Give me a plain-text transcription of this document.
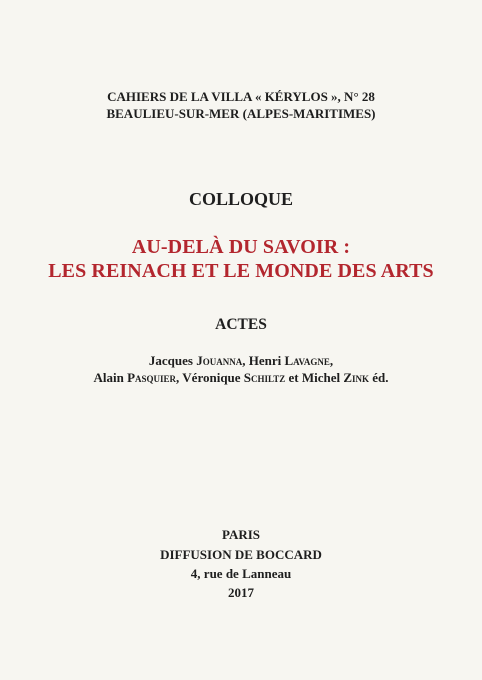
CAHIERS DE LA VILLA « KÉRYLOS », N° 28
BEAULIEU-SUR-MER (ALPES-MARITIMES)
COLLOQUE
AU-DELÀ DU SAVOIR :
LES REINACH ET LE MONDE DES ARTS
ACTES
Jacques Jouanna, Henri Lavagne,
Alain Pasquier, Véronique Schiltz et Michel Zink éd.
PARIS
DIFFUSION DE BOCCARD
4, rue de Lanneau
2017
